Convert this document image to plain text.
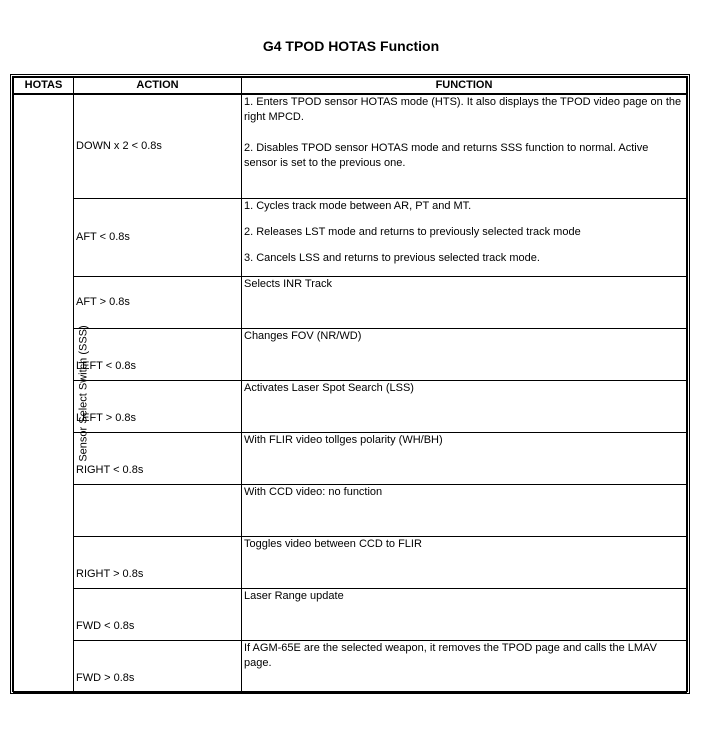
G4 TPOD HOTAS Function
HOTAS	ACTION	FUNCTION
Sensor Select Switch (SSS)	DOWN x 2 < 0.8s	1. Enters TPOD sensor HOTAS mode (HTS). It also displays the TPOD video page on the right MPCD.

2. Disables TPOD sensor HOTAS mode and returns SSS function to normal. Active sensor is set to the previous one.

	AFT < 0.8s	1. Cycles track mode between AR, PT and MT.

2. Releases LST mode and returns to previously selected track mode

3. Cancels LSS and returns to previous selected track mode.

	AFT > 0.8s	Selects INR Track

	LEFT < 0.8s	Changes FOV (NR/WD)

	LEFT > 0.8s	Activates Laser Spot Search (LSS)

	RIGHT < 0.8s	With FLIR video tollges polarity (WH/BH)

		With CCD video: no function

	RIGHT > 0.8s	Toggles video between CCD to FLIR

	FWD < 0.8s	Laser Range update

	FWD > 0.8s	If AGM-65E are the selected weapon, it removes the TPOD page and calls the LMAV page.
